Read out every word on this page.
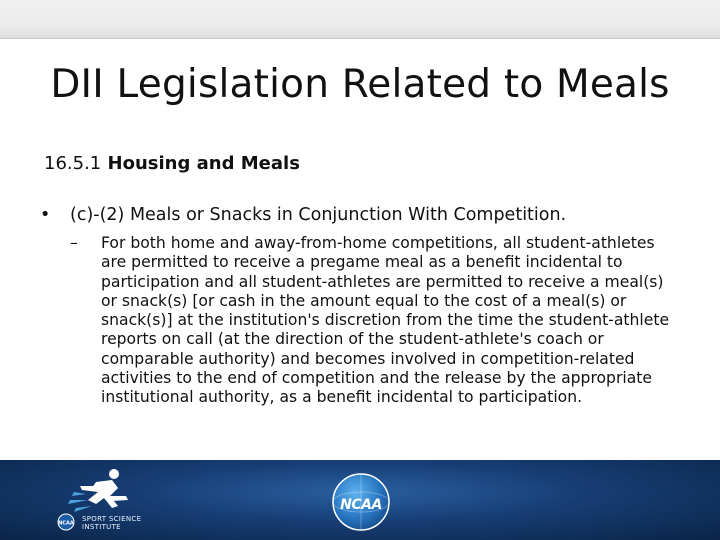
DII Legislation Related to Meals
16.5.1 Housing and Meals
• (c)-(2) Meals or Snacks in Conjunction With Competition.
– For both home and away-from-home competitions, all student-athletes are permitted to receive a pregame meal as a benefit incidental to participation and all student-athletes are permitted to receive a meal(s) or snack(s) [or cash in the amount equal to the cost of a meal(s) or snack(s)] at the institution's discretion from the time the student-athlete reports on call (at the direction of the student-athlete's coach or comparable authority) and becomes involved in competition-related activities to the end of competition and the release by the appropriate institutional authority, as a benefit incidental to participation.
NCAA
SPORT SCIENCE
INSTITUTE
NCAA
